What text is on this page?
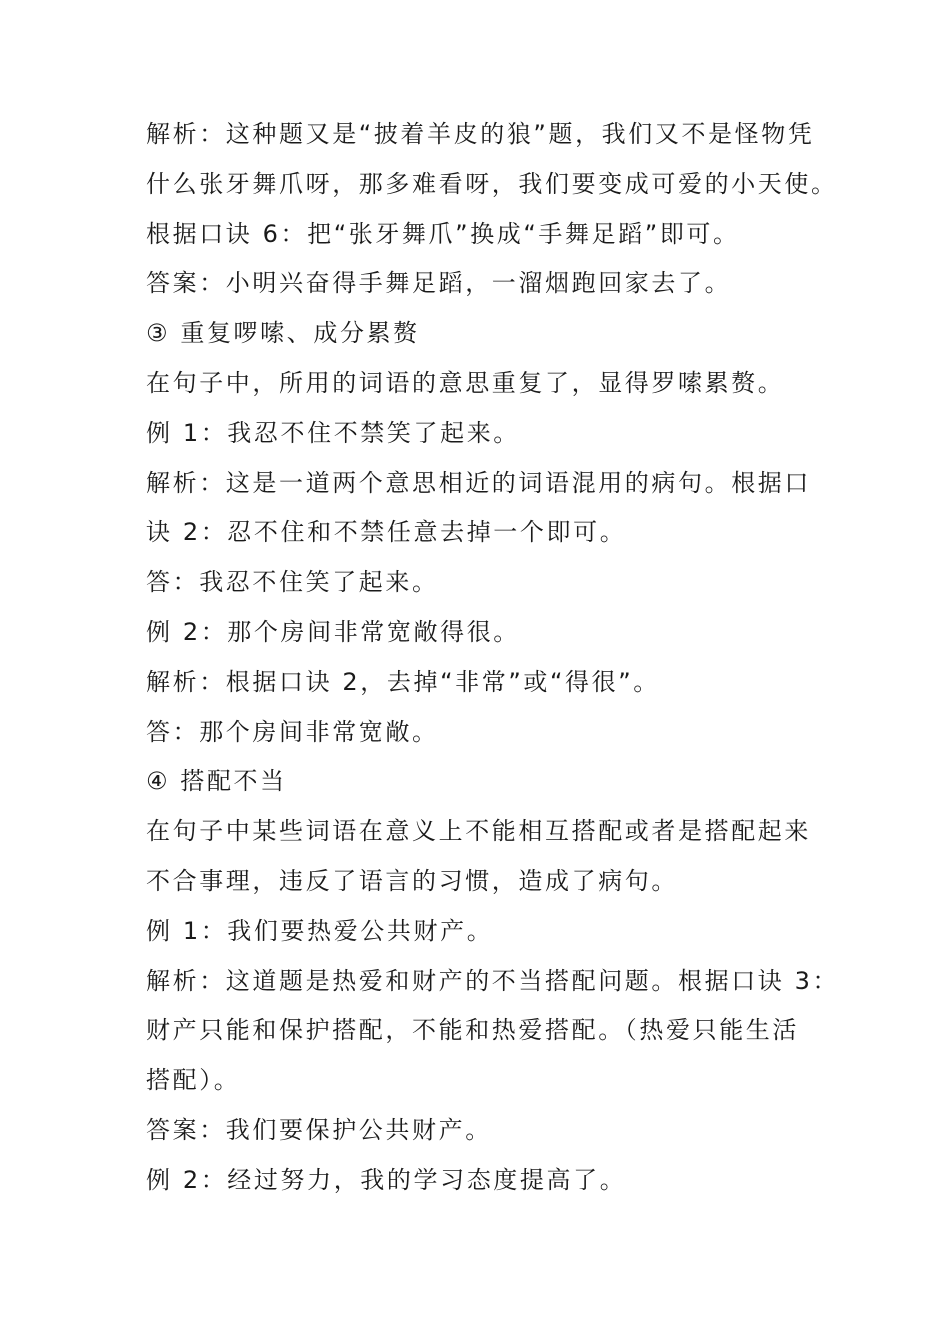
解析：这种题又是“披着羊皮的狼”题，我们又不是怪物凭
什么张牙舞爪呀，那多难看呀，我们要变成可爱的小天使。
根据口诀 6：把“张牙舞爪”换成“手舞足蹈”即可。
答案：小明兴奋得手舞足蹈，一溜烟跑回家去了。
③ 重复啰嗦、成分累赘
在句子中，所用的词语的意思重复了，显得罗嗦累赘。
例 1：我忍不住不禁笑了起来。
解析：这是一道两个意思相近的词语混用的病句。根据口
诀 2：忍不住和不禁任意去掉一个即可。
答：我忍不住笑了起来。
例 2：那个房间非常宽敞得很。
解析：根据口诀 2，去掉“非常”或“得很”。
答：那个房间非常宽敞。
④ 搭配不当
在句子中某些词语在意义上不能相互搭配或者是搭配起来
不合事理，违反了语言的习惯，造成了病句。
例 1：我们要热爱公共财产。
解析：这道题是热爱和财产的不当搭配问题。根据口诀 3：
财产只能和保护搭配，不能和热爱搭配。（热爱只能生活
搭配）。
答案：我们要保护公共财产。
例 2：经过努力，我的学习态度提高了。
